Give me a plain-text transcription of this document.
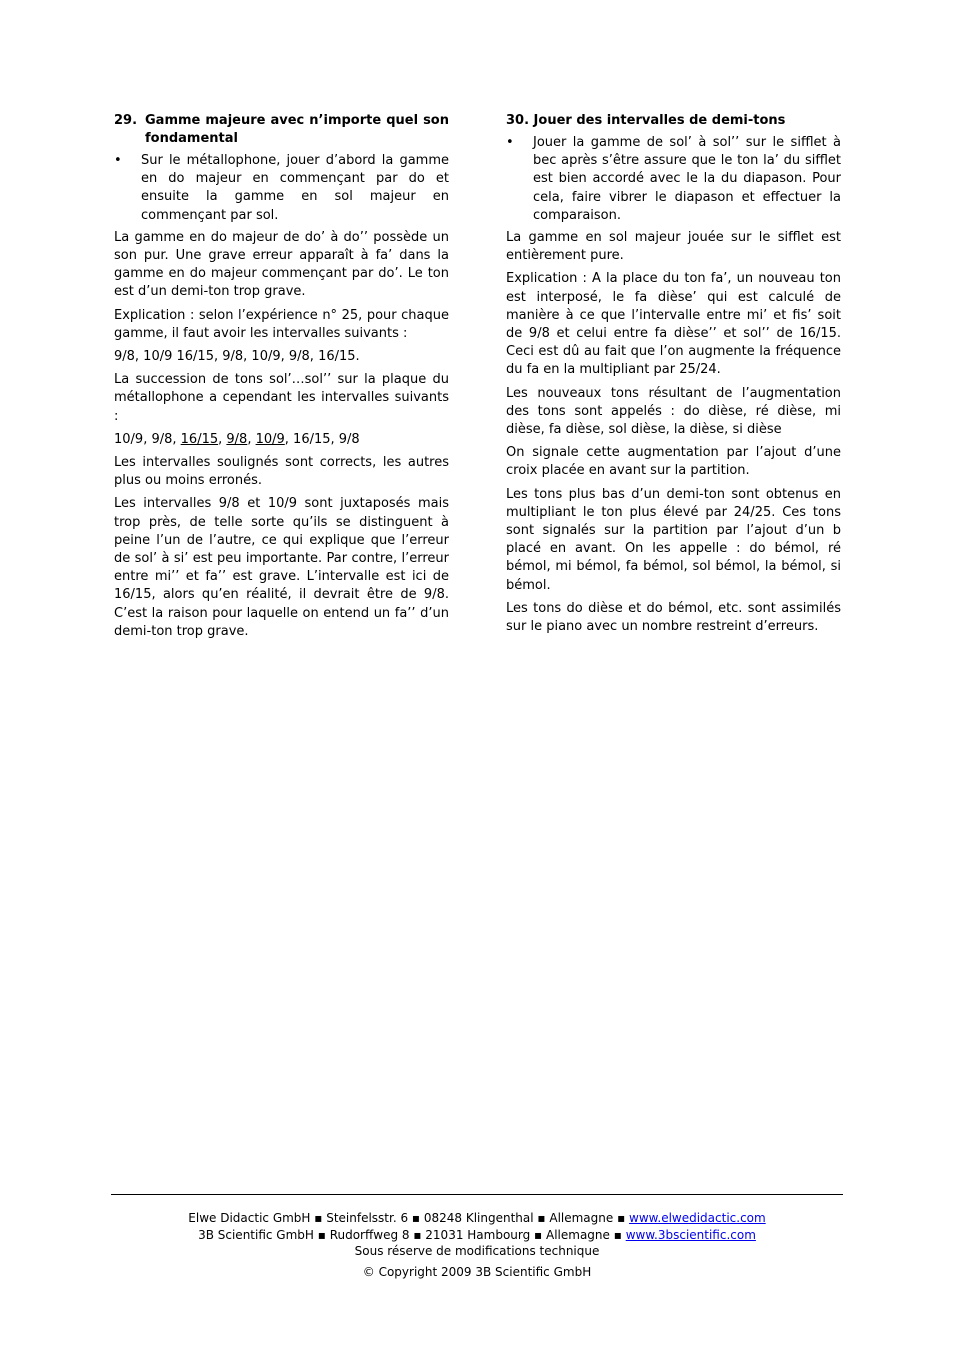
29. Gamme majeure avec n’importe quel son fondamental
• Sur le métallophone, jouer d’abord la gamme en do majeur en commençant par do et ensuite la gamme en sol majeur en commençant par sol.

La gamme en do majeur de do’ à do’’ possède un son pur. Une grave erreur apparaît à fa’ dans la gamme en do majeur commençant par do’. Le ton est d’un demi-ton trop grave.

Explication : selon l’expérience n° 25, pour chaque gamme, il faut avoir les intervalles suivants :

9/8, 10/9 16/15, 9/8, 10/9, 9/8, 16/15.

La succession de tons sol’…sol’’ sur la plaque du métallophone a cependant les intervalles suivants :

10/9, 9/8, 16/15, 9/8, 10/9, 16/15, 9/8

Les intervalles soulignés sont corrects, les autres plus ou moins erronés.

Les intervalles 9/8 et 10/9 sont juxtaposés mais trop près, de telle sorte qu’ils se distinguent à peine l’un de l’autre, ce qui explique que l’erreur de sol’ à si’ est peu importante. Par contre, l’erreur entre mi’’ et fa’’ est grave. L’intervalle est ici de 16/15, alors qu’en réalité, il devrait être de 9/8. C’est la raison pour laquelle on entend un fa’’ d’un demi-ton trop grave.

30. Jouer des intervalles de demi-tons
• Jouer la gamme de sol’ à sol’’ sur le sifflet à bec après s’être assure que le ton la’ du sifflet est bien accordé avec le la du diapason. Pour cela, faire vibrer le diapason et effectuer la comparaison.

La gamme en sol majeur jouée sur le sifflet est entièrement pure.

Explication : A la place du ton fa’, un nouveau ton est interposé, le fa dièse’ qui est calculé de manière à ce que l’intervalle entre mi’ et fis’ soit de 9/8 et celui entre fa dièse’’ et sol’’ de 16/15. Ceci est dû au fait que l’on augmente la fréquence du fa en la multipliant par 25/24.

Les nouveaux tons résultant de l’augmentation des tons sont appelés : do dièse, ré dièse, mi dièse, fa dièse, sol dièse, la dièse, si dièse

On signale cette augmentation par l’ajout d’une croix placée en avant sur la partition.

Les tons plus bas d’un demi-ton sont obtenus en multipliant le ton plus élevé par 24/25. Ces tons sont signalés sur la partition par l’ajout d’un b placé en avant. On les appelle : do bémol, ré bémol, mi bémol, fa bémol, sol bémol, la bémol, si bémol.

Les tons do dièse et do bémol, etc. sont assimilés sur le piano avec un nombre restreint d’erreurs.

Elwe Didactic GmbH ▪ Steinfelsstr. 6 ▪ 08248 Klingenthal ▪ Allemagne ▪ www.elwedidactic.com
3B Scientific GmbH ▪ Rudorffweg 8 ▪ 21031 Hambourg ▪ Allemagne ▪ www.3bscientific.com
Sous réserve de modifications technique
© Copyright 2009 3B Scientific GmbH
